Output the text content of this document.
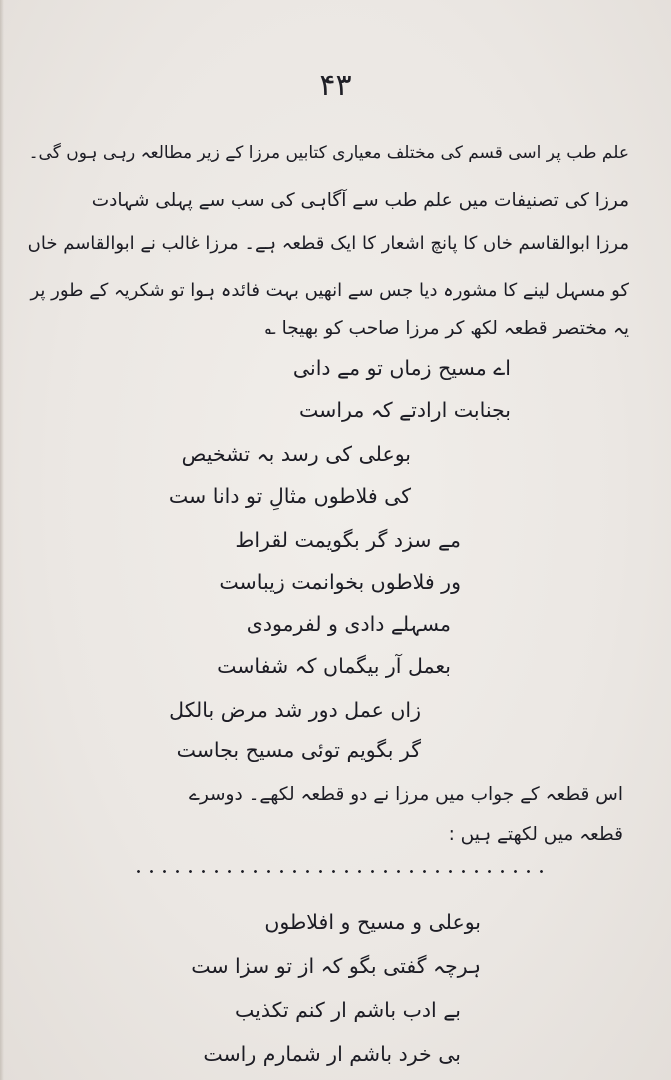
۴۳
علم طب پر اسی قسم کی مختلف معیاری کتابیں مرزا کے زیر مطالعہ رہی ہوں گی۔
مرزا کی تصنیفات میں علم طب سے آگاہی کی سب سے پہلی شہادت
مرزا ابوالقاسم خاں کا پانچ اشعار کا ایک قطعہ ہے۔ مرزا غالب نے ابوالقاسم خاں
کو مسہل لینے کا مشورہ دیا جس سے انھیں بہت فائدہ ہوا تو شکریہ کے طور پر
یہ مختصر قطعہ لکھ کر مرزا صاحب کو بھیجا ؎
اے مسیح زماں تو مے دانی
بجنابت ارادتے کہ مراست
بوعلی کی رسد بہ تشخیص
کی فلاطوں مثالِ تو دانا ست
مے سزد گر بگویمت لقراط
ور فلاطوں بخوانمت زیباست
مسہلے دادی و لفرمودی
بعمل آر بیگماں کہ شفاست
زاں عمل دور شد مرض بالکل
گر بگویم توئی مسیح بجاست
اس قطعہ کے جواب میں مرزا نے دو قطعہ لکھے۔ دوسرے
قطعہ میں لکھتے ہیں :
بوعلی و مسیح و افلاطوں
ہرچہ گفتی بگو کہ از تو سزا ست
بے ادب باشم ار کنم تکذیب
بی خرد باشم ار شمارم راست
